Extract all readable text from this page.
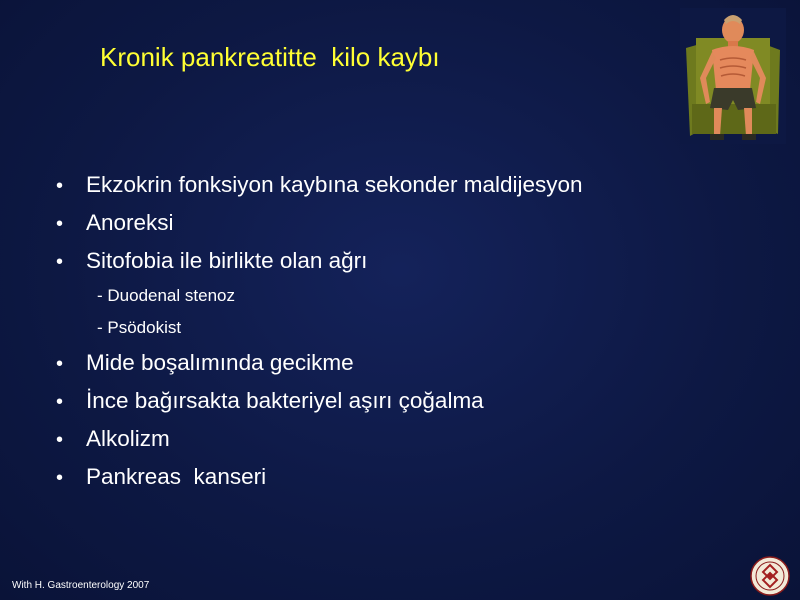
Kronik pankreatitte  kilo kaybı
•	Ekzokrin fonksiyon kaybına sekonder maldijesyon
•	Anoreksi
•	Sitofobia ile birlikte olan ağrı
- Duodenal stenoz
- Psödokist
•	Mide boşalımında gecikme
•	İnce bağırsakta bakteriyel aşırı çoğalma
•	Alkolizm
•	Pankreas  kanseri
With H. Gastroenterology 2007
